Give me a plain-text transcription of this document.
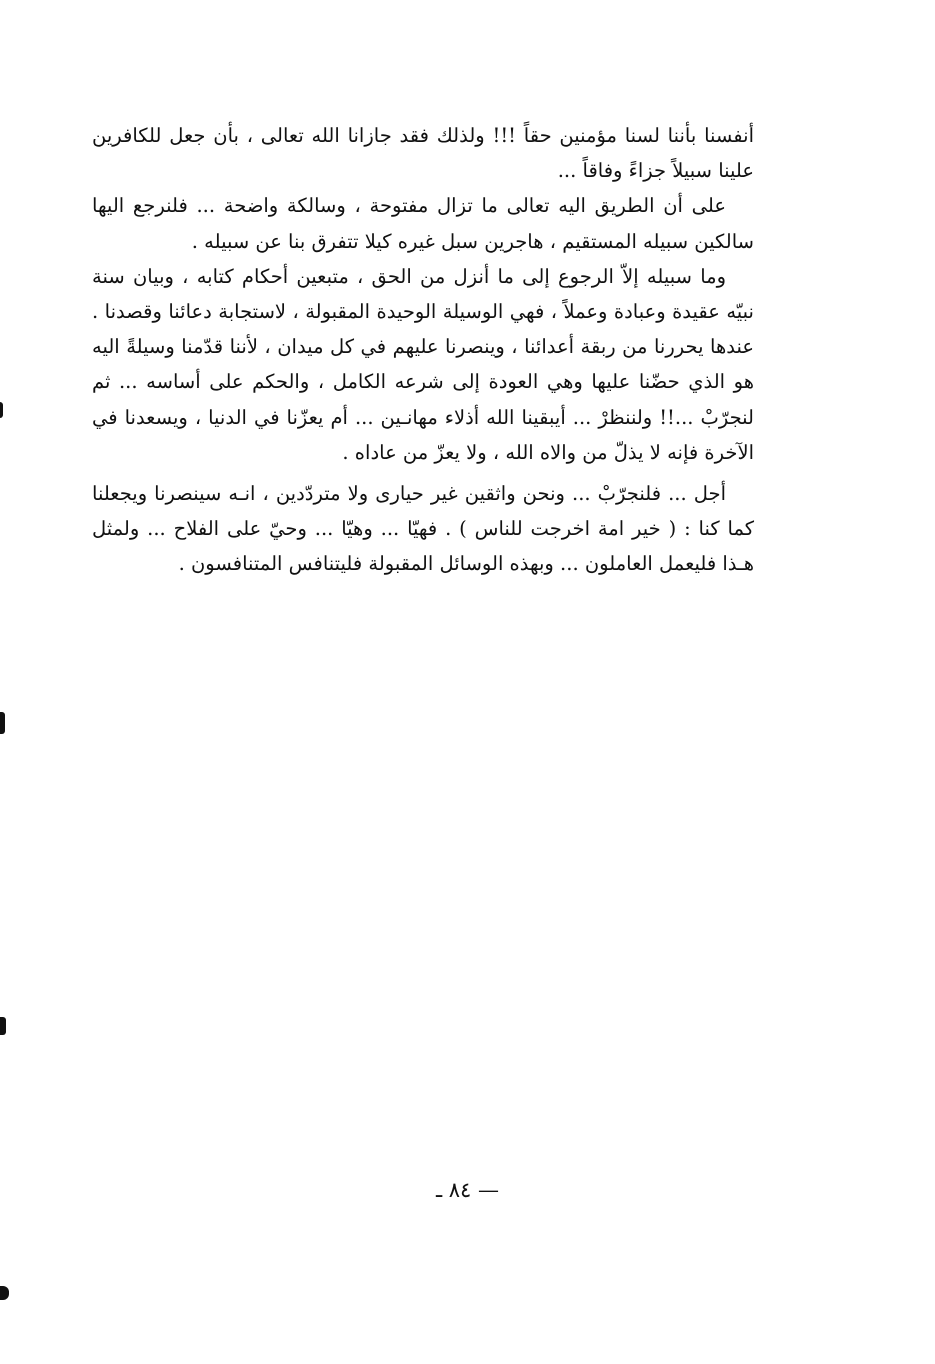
أنفسنا بأننا لسنا مؤمنين حقاً !!! ولذلك فقد جازانا الله تعالى ، بأن جعل للكافرين علينا سبيلاً جزاءً وفاقاً ...

على أن الطريق اليه تعالى ما تزال مفتوحة ، وسالكة واضحة ... فلنرجع اليها سالكين سبيله المستقيم ، هاجرين سبل غيره كيلا تتفرق بنا عن سبيله .

وما سبيله إلاّ الرجوع إلى ما أنزل من الحق ، متبعين أحكام كتابه ، وبيان سنة نبيّه عقيدة وعبادة وعملاً ، فهي الوسيلة الوحيدة المقبولة ، لاستجابة دعائنا وقصدنا . عندها يحررنا من ربقة أعدائنا ، وينصرنا عليهم في كل ميدان ، لأننا قدّمنا وسيلةً اليه هو الذي حضّنا عليها وهي العودة إلى شرعه الكامل ، والحكم على أساسه ... ثم لنجرّبْ ...!! ولننظرْ ... أيبقينا الله أذلاء مهانـين ... أم يعزّنا في الدنيا ، ويسعدنا في الآخرة فإنه لا يذلّ من والاه الله ، ولا يعزّ من عاداه .

أجل ... فلنجرّبْ ... ونحن واثقين غير حيارى ولا متردّدين ، انـه سينصرنا ويجعلنا كما كنا : ( خير امة اخرجت للناس ) . فهيّا ... وهيّا ... وحيّ على الفلاح ... ولمثل هـذا فليعمل العاملون ... وبهذه الوسائل المقبولة فليتنافس المتنافسون .

— ٨٤ ـ
